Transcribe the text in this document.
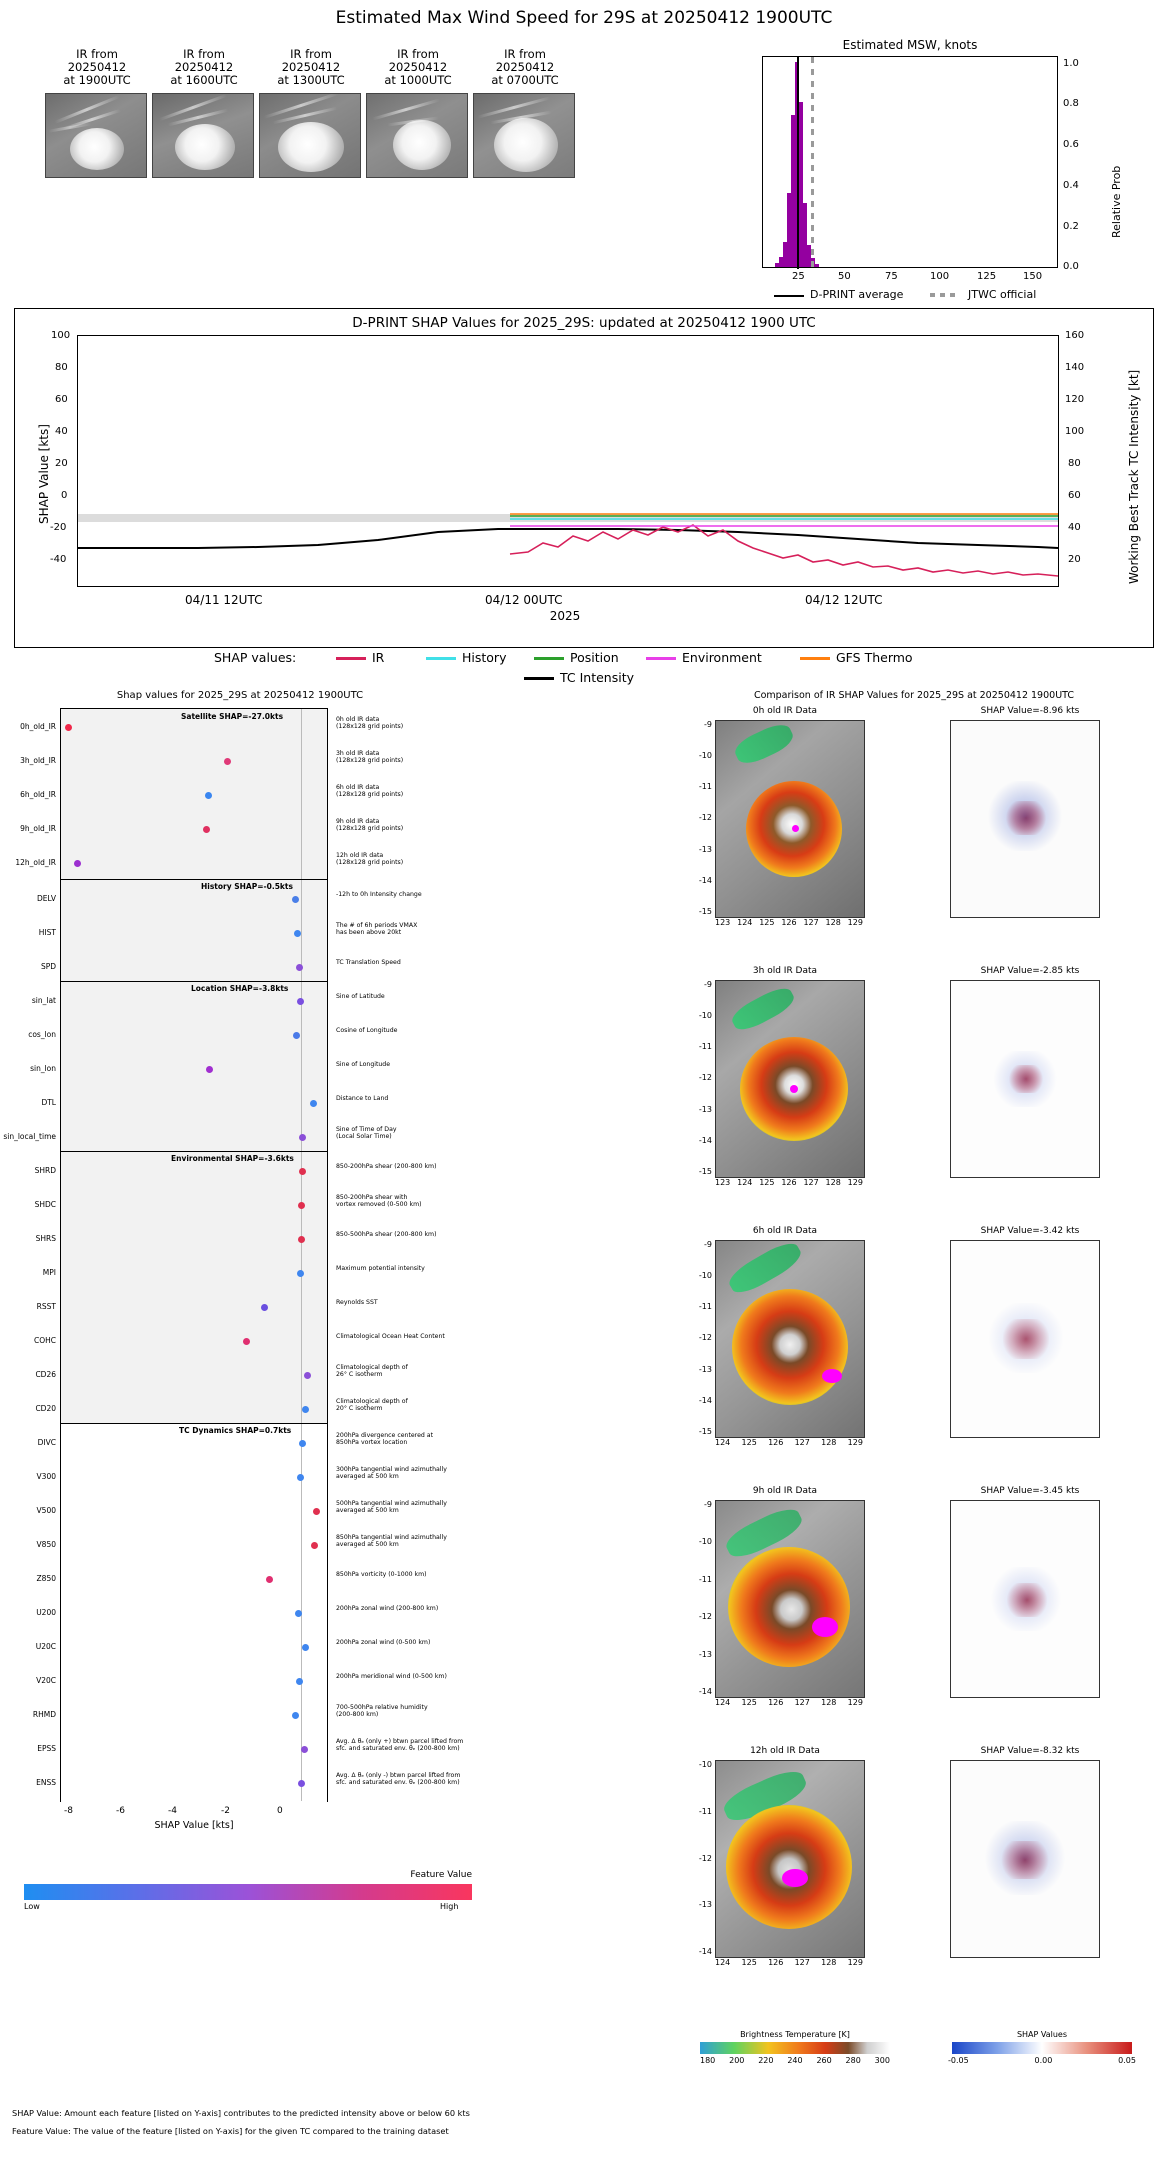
Estimated Max Wind Speed for 29S at 20250412 1900UTC
IR from
20250412
at 1900UTC
IR from
20250412
at 1600UTC
IR from
20250412
at 1300UTC
IR from
20250412
at 1000UTC
IR from
20250412
at 0700UTC
Estimated MSW, knots
25	50	75	100	125	150
0.0
0.2
0.4
0.6
0.8
1.0
Relative Prob
D-PRINT average	JTWC official
D-PRINT SHAP Values for 2025_29S: updated at 20250412 1900 UTC
100
80
60
40
20
0
-20
-40
160
140
120
100
80
60
40
20
04/11 12UTC	04/12 00UTC	04/12 12UTC
2025
SHAP Value [kts]	Working Best Track TC Intensity [kt]
SHAP values:	IR	History	Position	Environment	GFS Thermo
TC Intensity
Shap values for 2025_29S at 20250412 1900UTC
Satellite SHAP=-27.0kts
History SHAP=-0.5kts
Location SHAP=-3.8kts
Environmental SHAP=-3.6kts
TC Dynamics SHAP=0.7kts
0h_old_IR
3h_old_IR
6h_old_IR
9h_old_IR
12h_old_IR
DELV
HIST
SPD
sin_lat
cos_lon
sin_lon
DTL
sin_local_time
SHRD
SHDC
SHRS
MPI
RSST
COHC
CD26
CD20
DIVC
V300
V500
V850
Z850
U200
U20C
V20C
RHMD
EPSS
ENSS
0h old IR data
(128x128 grid points)
3h old IR data
(128x128 grid points)
6h old IR data
(128x128 grid points)
9h old IR data
(128x128 grid points)
12h old IR data
(128x128 grid points)
-12h to 0h Intensity change
The # of 6h periods VMAX
has been above 20kt
TC Translation Speed
Sine of Latitude
Cosine of Longitude
Sine of Longitude
Distance to Land
Sine of Time of Day
(Local Solar Time)
850-200hPa shear (200-800 km)
850-200hPa shear with
vortex removed (0-500 km)
850-500hPa shear (200-800 km)
Maximum potential intensity
Reynolds SST
Climatological Ocean Heat Content
Climatological depth of
26° C isotherm
Climatological depth of
20° C isotherm
200hPa divergence centered at
850hPa vortex location
300hPa tangential wind azimuthally
averaged at 500 km
500hPa tangential wind azimuthally
averaged at 500 km
850hPa tangential wind azimuthally
averaged at 500 km
850hPa vorticity (0-1000 km)
200hPa zonal wind (200-800 km)
200hPa zonal wind (0-500 km)
200hPa meridional wind (0-500 km)
700-500hPa relative humidity
(200-800 km)
Avg. Δ θₑ (only +) btwn parcel lifted from
sfc. and saturated env. θₑ (200-800 km)
Avg. Δ θₑ (only -) btwn parcel lifted from
sfc. and saturated env. θₑ (200-800 km)
-8	-6	-4	-2	0
SHAP Value [kts]
Feature Value
Low	High
SHAP Value: Amount each feature [listed on Y-axis] contributes to the predicted intensity above or below 60 kts
Feature Value: The value of the feature [listed on Y-axis] for the given TC compared to the training dataset
Comparison of IR SHAP Values for 2025_29S at 20250412 1900UTC
0h old IR Data	SHAP Value=-8.96 kts
123 124 125 126 127 128 129
-9
-10
-11
-12
-13
-14
-15
3h old IR Data	SHAP Value=-2.85 kts
123 124 125 126 127 128 129
-9
-10
-11
-12
-13
-14
-15
6h old IR Data	SHAP Value=-3.42 kts
124 125 126 127 128 129
-9
-10
-11
-12
-13
-14
-15
9h old IR Data	SHAP Value=-3.45 kts
124 125 126 127 128 129
-9
-10
-11
-12
-13
-14
12h old IR Data	SHAP Value=-8.32 kts
124 125 126 127 128 129
-10
-11
-12
-13
-14
Brightness Temperature [K]
180 200 220 240 260 280 300
SHAP Values
-0.05	0.00	0.05
